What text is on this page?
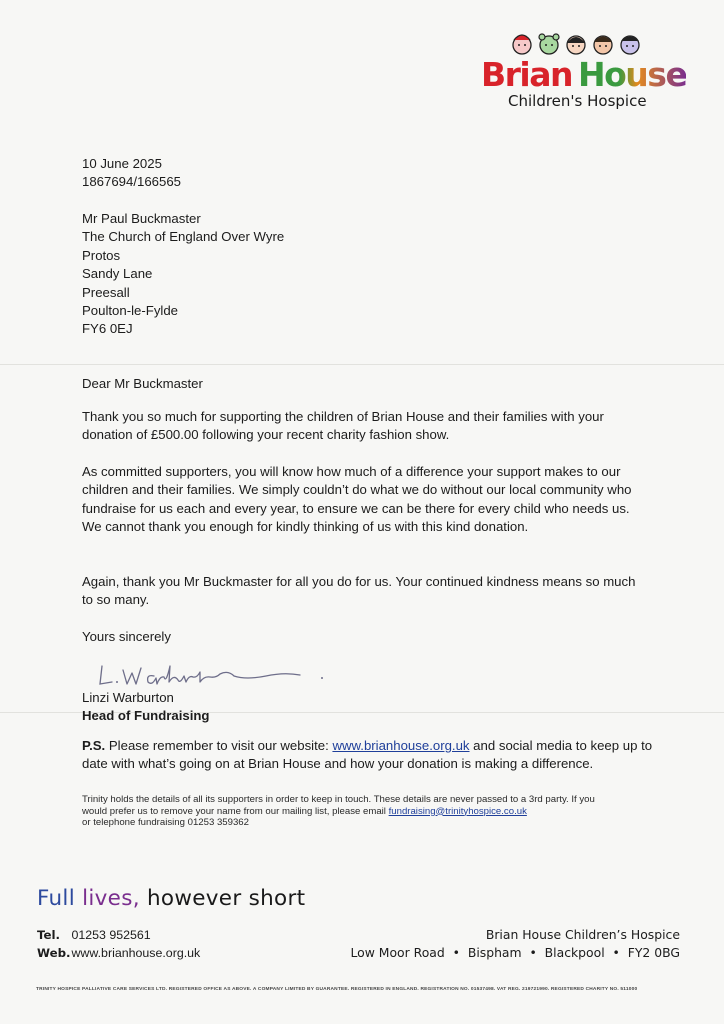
Brian House
Children's Hospice
10 June 2025
1867694/166565
Mr Paul Buckmaster
The Church of England Over Wyre
Protos
Sandy Lane
Preesall
Poulton-le-Fylde
FY6 0EJ
Dear Mr Buckmaster
Thank you so much for supporting the children of Brian House and their families with your donation of £500.00 following your recent charity fashion show.
As committed supporters, you will know how much of a difference your support makes to our children and their families. We simply couldn’t do what we do without our local community who fundraise for us each and every year, to ensure we can be there for every child who needs us. We cannot thank you enough for kindly thinking of us with this kind donation.
Again, thank you Mr Buckmaster for all you do for us. Your continued kindness means so much to so many.
Yours sincerely
Linzi Warburton
Head of Fundraising
P.S. Please remember to visit our website: www.brianhouse.org.uk and social media to keep up to
date with what’s going on at Brian House and how your donation is making a difference.
Trinity holds the details of all its supporters in order to keep in touch. These details are never passed to a 3rd party. If you
would prefer us to remove your name from our mailing list, please email fundraising@trinityhospice.co.uk
or telephone fundraising 01253 359362
Full lives, however short
Tel. 01253 952561
Web. www.brianhouse.org.uk
Brian House Children’s Hospice
Low Moor Road  •  Bispham  •  Blackpool  •  FY2 0BG
TRINITY HOSPICE PALLIATIVE CARE SERVICES LTD. REGISTERED OFFICE AS ABOVE. A COMPANY LIMITED BY GUARANTEE. REGISTERED IN ENGLAND. REGISTRATION NO. 01537498. VAT REG. 219721990. REGISTERED CHARITY NO. 511000
